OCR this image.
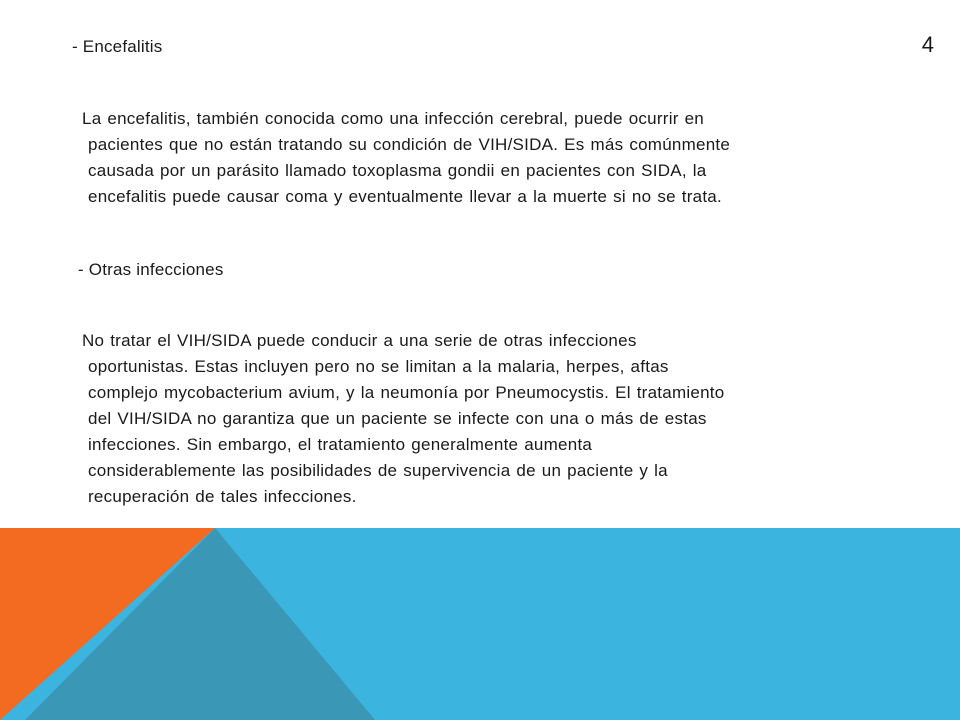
4
- Encefalitis

La encefalitis, también conocida como una infección cerebral, puede ocurrir en
pacientes que no están tratando su condición de VIH/SIDA. Es más comúnmente
causada por un parásito llamado toxoplasma gondii en pacientes con SIDA, la
encefalitis puede causar coma y eventualmente llevar a la muerte si no se trata.

- Otras infecciones

No tratar el VIH/SIDA puede conducir a una serie de otras infecciones
oportunistas. Estas incluyen pero no se limitan a la malaria, herpes, aftas
complejo mycobacterium avium, y la neumonía por Pneumocystis. El tratamiento
del VIH/SIDA no garantiza que un paciente se infecte con una o más de estas
infecciones. Sin embargo, el tratamiento generalmente aumenta
considerablemente las posibilidades de supervivencia de un paciente y la
recuperación de tales infecciones.
